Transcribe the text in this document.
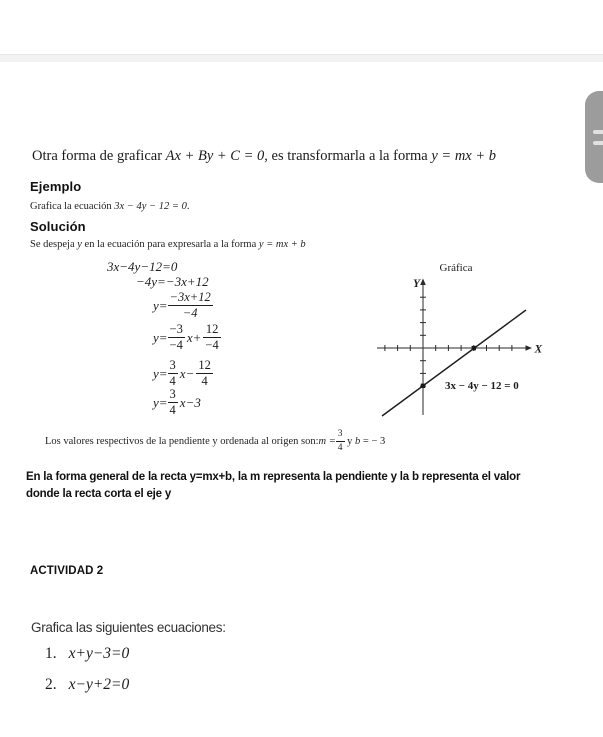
Otra forma de graficar Ax + By + C = 0, es transformarla a la forma y = mx + b
Ejemplo
Grafica la ecuación 3x − 4y − 12 = 0.
Solución
Se despeja y en la ecuación para expresarla a la forma y = mx + b
3x−4y−12=0
−4y=−3x+12
$y= \frac{-3x+12}{-4}$
$y= \frac{-3}{-4} x+ \frac{12}{-4}$
$y= \frac{3}{4} x- \frac{12}{4}$
$y= \frac{3}{4} x-3$
Gráfica
Y
X
3x − 4y − 12 = 0
Los valores respectivos de la pendiente y ordenada al origen son: $m = \frac{3}{4}$ y b = − 3
En la forma general de la recta y=mx+b, la m representa la pendiente y la b representa el valor
donde la recta corta el eje y
ACTIVIDAD 2
Grafica las siguientes ecuaciones:
1. x+y−3=0
2. x−y+2=0
